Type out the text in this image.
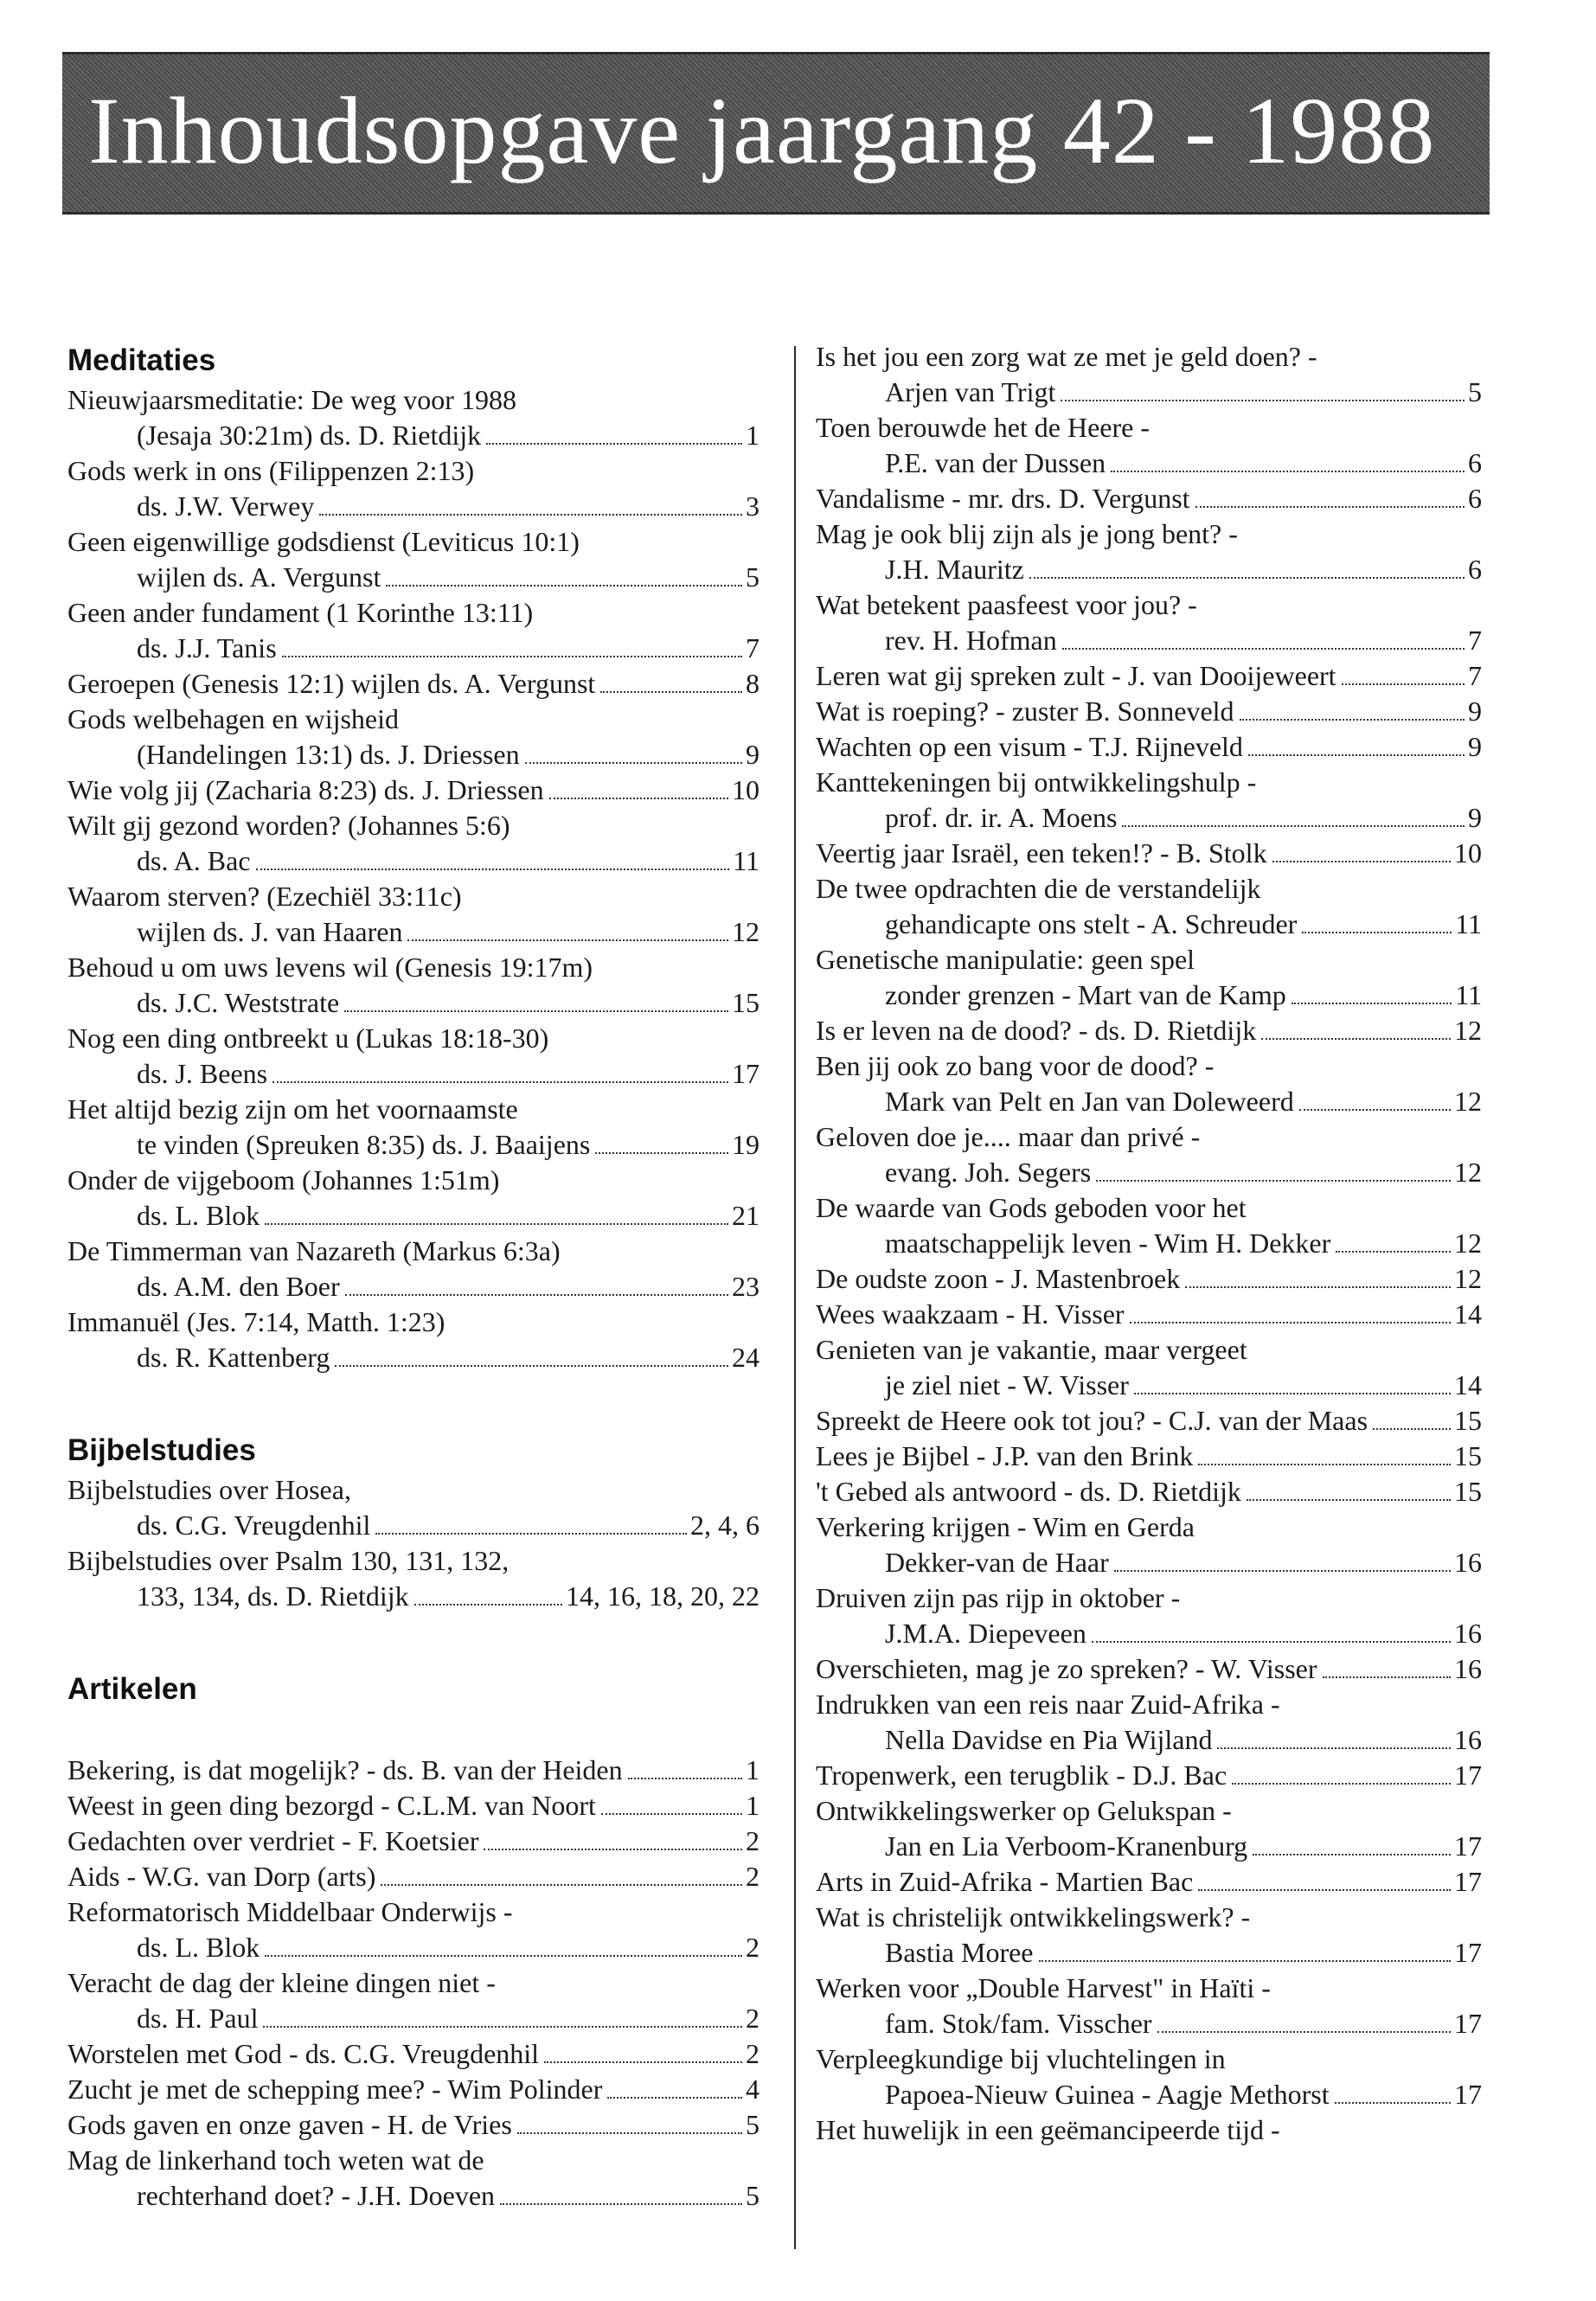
Inhoudsopgave jaargang 42 - 1988
Meditaties
Nieuwjaarsmeditatie: De weg voor 1988
(Jesaja 30:21m) ds. D. Rietdijk	1
Gods werk in ons (Filippenzen 2:13)
ds. J.W. Verwey	3
Geen eigenwillige godsdienst (Leviticus 10:1)
wijlen ds. A. Vergunst	5
Geen ander fundament (1 Korinthe 13:11)
ds. J.J. Tanis	7
Geroepen (Genesis 12:1) wijlen ds. A. Vergunst	8
Gods welbehagen en wijsheid
(Handelingen 13:1) ds. J. Driessen	9
Wie volg jij (Zacharia 8:23) ds. J. Driessen	10
Wilt gij gezond worden? (Johannes 5:6)
ds. A. Bac	11
Waarom sterven? (Ezechiël 33:11c)
wijlen ds. J. van Haaren	12
Behoud u om uws levens wil (Genesis 19:17m)
ds. J.C. Weststrate	15
Nog een ding ontbreekt u (Lukas 18:18-30)
ds. J. Beens	17
Het altijd bezig zijn om het voornaamste
te vinden (Spreuken 8:35) ds. J. Baaijens	19
Onder de vijgeboom (Johannes 1:51m)
ds. L. Blok	21
De Timmerman van Nazareth (Markus 6:3a)
ds. A.M. den Boer	23
Immanuël (Jes. 7:14, Matth. 1:23)
ds. R. Kattenberg	24
Bijbelstudies
Bijbelstudies over Hosea,
ds. C.G. Vreugdenhil	2, 4, 6
Bijbelstudies over Psalm 130, 131, 132,
133, 134, ds. D. Rietdijk	14, 16, 18, 20, 22
Artikelen
Bekering, is dat mogelijk? - ds. B. van der Heiden	1
Weest in geen ding bezorgd - C.L.M. van Noort	1
Gedachten over verdriet - F. Koetsier	2
Aids - W.G. van Dorp (arts)	2
Reformatorisch Middelbaar Onderwijs -
ds. L. Blok	2
Veracht de dag der kleine dingen niet -
ds. H. Paul	2
Worstelen met God - ds. C.G. Vreugdenhil	2
Zucht je met de schepping mee? - Wim Polinder	4
Gods gaven en onze gaven - H. de Vries	5
Mag de linkerhand toch weten wat de
rechterhand doet? - J.H. Doeven	5
Is het jou een zorg wat ze met je geld doen? -
Arjen van Trigt	5
Toen berouwde het de Heere -
P.E. van der Dussen	6
Vandalisme - mr. drs. D. Vergunst	6
Mag je ook blij zijn als je jong bent? -
J.H. Mauritz	6
Wat betekent paasfeest voor jou? -
rev. H. Hofman	7
Leren wat gij spreken zult - J. van Dooijeweert	7
Wat is roeping? - zuster B. Sonneveld	9
Wachten op een visum - T.J. Rijneveld	9
Kanttekeningen bij ontwikkelingshulp -
prof. dr. ir. A. Moens	9
Veertig jaar Israël, een teken!? - B. Stolk	10
De twee opdrachten die de verstandelijk
gehandicapte ons stelt - A. Schreuder	11
Genetische manipulatie: geen spel
zonder grenzen - Mart van de Kamp	11
Is er leven na de dood? - ds. D. Rietdijk	12
Ben jij ook zo bang voor de dood? -
Mark van Pelt en Jan van Doleweerd	12
Geloven doe je.... maar dan privé -
evang. Joh. Segers	12
De waarde van Gods geboden voor het
maatschappelijk leven - Wim H. Dekker	12
De oudste zoon - J. Mastenbroek	12
Wees waakzaam - H. Visser	14
Genieten van je vakantie, maar vergeet
je ziel niet - W. Visser	14
Spreekt de Heere ook tot jou? - C.J. van der Maas	15
Lees je Bijbel - J.P. van den Brink	15
't Gebed als antwoord - ds. D. Rietdijk	15
Verkering krijgen - Wim en Gerda
Dekker-van de Haar	16
Druiven zijn pas rijp in oktober -
J.M.A. Diepeveen	16
Overschieten, mag je zo spreken? - W. Visser	16
Indrukken van een reis naar Zuid-Afrika -
Nella Davidse en Pia Wijland	16
Tropenwerk, een terugblik - D.J. Bac	17
Ontwikkelingswerker op Gelukspan -
Jan en Lia Verboom-Kranenburg	17
Arts in Zuid-Afrika - Martien Bac	17
Wat is christelijk ontwikkelingswerk? -
Bastia Moree	17
Werken voor „Double Harvest" in Haïti -
fam. Stok/fam. Visscher	17
Verpleegkundige bij vluchtelingen in
Papoea-Nieuw Guinea - Aagje Methorst	17
Het huwelijk in een geëmancipeerde tijd -
